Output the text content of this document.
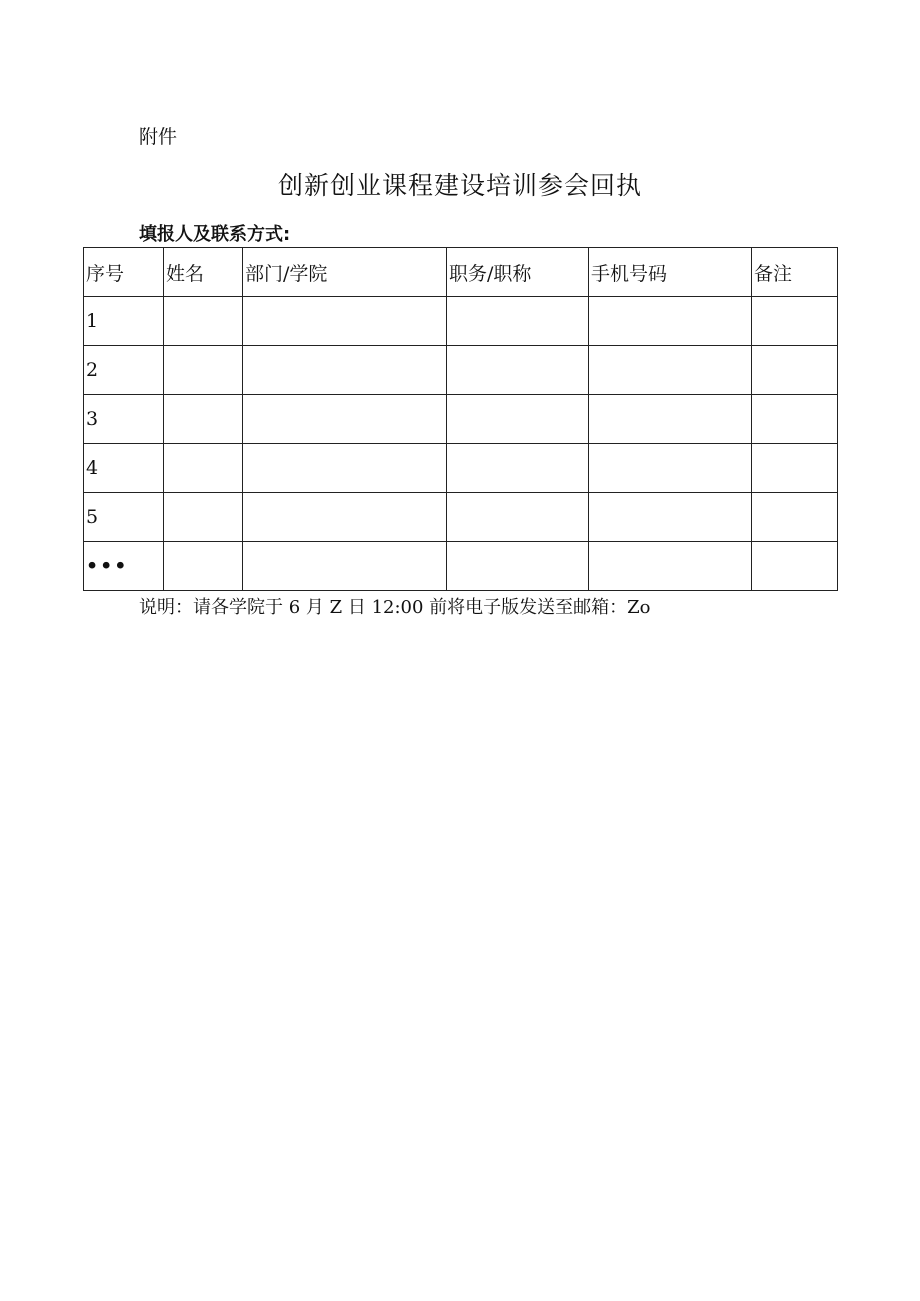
附件
创新创业课程建设培训参会回执
填报人及联系方式:
序号	姓名	部门/学院	职务/职称	手机号码	备注
1					
2					
3					
4					
5					
•••					
说明：请各学院于 6 月 Z 日 12:00 前将电子版发送至邮箱：Zo
